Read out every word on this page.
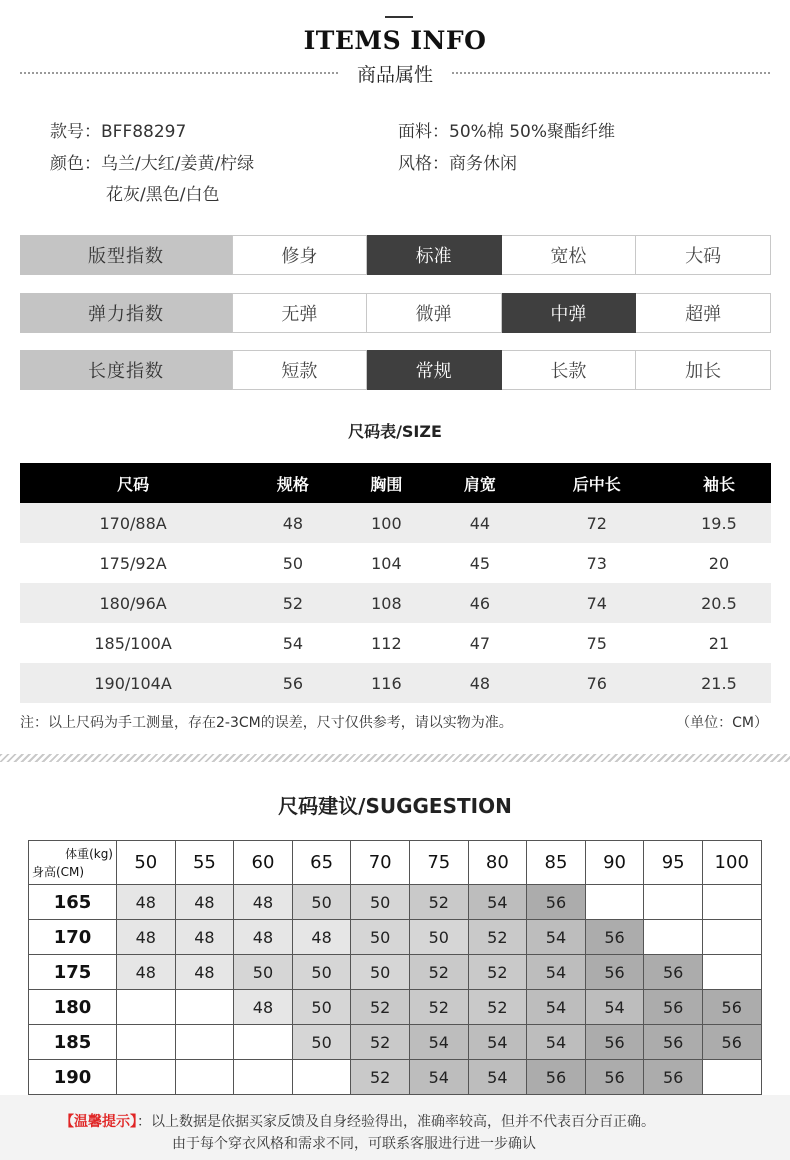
ITEMS INFO
商品属性
款号：BFF88297	面料：50%棉 50%聚酯纤维
颜色：乌兰/大红/姜黄/柠绿	风格：商务休闲
花灰/黑色/白色
版型指数	修身	标准	宽松	大码
弹力指数	无弹	微弹	中弹	超弹
长度指数	短款	常规	长款	加长
尺码表/SIZE
尺码	规格	胸围	肩宽	后中长	袖长
170/88A	48	100	44	72	19.5
175/92A	50	104	45	73	20
180/96A	52	108	46	74	20.5
185/100A	54	112	47	75	21
190/104A	56	116	48	76	21.5
注：以上尺码为手工测量，存在2-3CM的误差，尺寸仅供参考，请以实物为准。	（单位：CM）
尺码建议/SUGGESTION
体重(kg)
身高(CM)	50	55	60	65	70	75	80	85	90	95	100
165	48	48	48	50	50	52	54	56			
170	48	48	48	48	50	50	52	54	56		
175	48	48	50	50	50	52	52	54	56	56	
180			48	50	52	52	52	54	54	56	56
185				50	52	54	54	54	56	56	56
190					52	54	54	56	56	56	
【温馨提示】：以上数据是依据买家反馈及自身经验得出，准确率较高，但并不代表百分百正确。
由于每个穿衣风格和需求不同，可联系客服进行进一步确认
